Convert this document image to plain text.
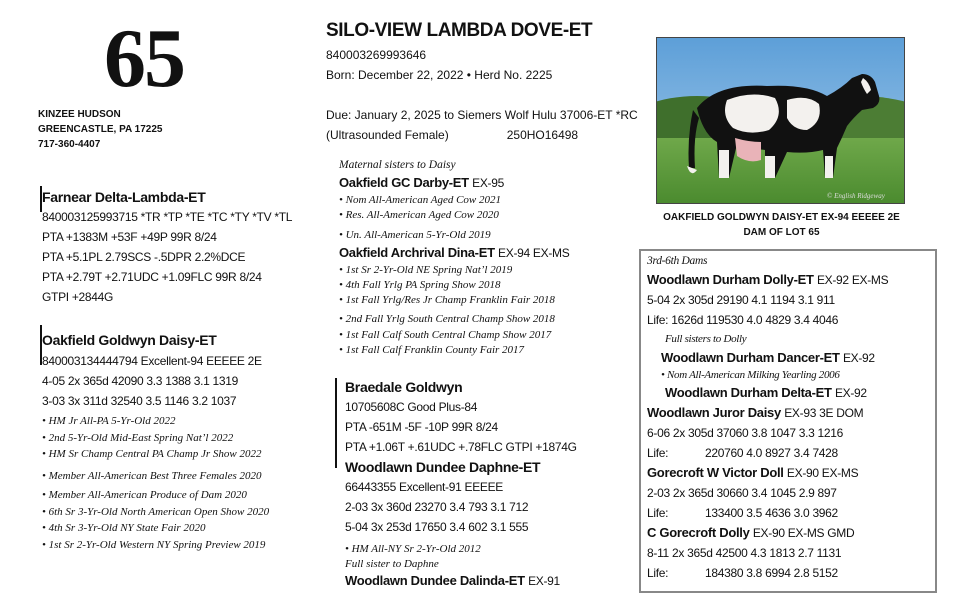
65
KINZEE HUDSON
GREENCASTLE, PA 17225
717-360-4407
SILO-VIEW LAMBDA DOVE-ET
840003269993646
Born: December 22, 2022 • Herd No. 2225
Due: January 2, 2025 to Siemers Wolf Hulu 37006-ET *RC
(Ultrasounded Female)	250HO16498
© English Ridgeway
OAKFIELD GOLDWYN DAISY-ET EX-94 EEEEE 2E
DAM OF LOT 65
Farnear Delta-Lambda-ET
840003125993715 *TR *TP *TE *TC *TY *TV *TL
PTA +1383M +53F +49P 99R 8/24
PTA +5.1PL 2.79SCS -.5DPR 2.2%DCE
PTA +2.79T +2.71UDC +1.09FLC 99R 8/24
GTPI +2844G
Oakfield Goldwyn Daisy-ET
840003134444794 Excellent-94 EEEEE 2E
4-05 2x 365d 42090 3.3 1388 3.1 1319
3-03 3x 311d 32540 3.5 1146 3.2 1037
• HM Jr All-PA 5-Yr-Old 2022
• 2nd 5-Yr-Old Mid-East Spring Nat’l 2022
• HM Sr Champ Central PA Champ Jr Show 2022
• Member All-American Best Three Females 2020
• Member All-American Produce of Dam 2020
• 6th Sr 3-Yr-Old North American Open Show 2020
• 4th Sr 3-Yr-Old NY State Fair 2020
• 1st Sr 2-Yr-Old Western NY Spring Preview 2019
Maternal sisters to Daisy
Oakfield GC Darby-ET EX-95
• Nom All-American Aged Cow 2021
• Res. All-American Aged Cow 2020
• Un. All-American 5-Yr-Old 2019
Oakfield Archrival Dina-ET EX-94 EX-MS
• 1st Sr 2-Yr-Old NE Spring Nat’l 2019
• 4th Fall Yrlg PA Spring Show 2018
• 1st Fall Yrlg/Res Jr Champ Franklin Fair 2018
• 2nd Fall Yrlg South Central Champ Show 2018
• 1st Fall Calf South Central Champ Show 2017
• 1st Fall Calf Franklin County Fair 2017
Braedale Goldwyn
10705608C Good Plus-84
PTA -651M -5F -10P 99R 8/24
PTA +1.06T +.61UDC +.78FLC GTPI +1874G
Woodlawn Dundee Daphne-ET
66443355 Excellent-91 EEEEE
2-03 3x 360d 23270 3.4 793 3.1 712
5-04 3x 253d 17650 3.4 602 3.1 555
• HM All-NY Sr 2-Yr-Old 2012
Full sister to Daphne
Woodlawn Dundee Dalinda-ET EX-91
3rd-6th Dams
Woodlawn Durham Dolly-ET EX-92 EX-MS
5-04 2x 305d 29190 4.1 1194 3.1 911
Life: 1626d 119530 4.0 4829 3.4 4046
Full sisters to Dolly
Woodlawn Durham Dancer-ET EX-92
• Nom All-American Milking Yearling 2006
Woodlawn Durham Delta-ET EX-92
Woodlawn Juror Daisy EX-93 3E DOM
6-06 2x 305d 37060 3.8 1047 3.3 1216
Life:	220760 4.0 8927 3.4 7428
Gorecroft W Victor Doll EX-90 EX-MS
2-03 2x 365d 30660 3.4 1045 2.9 897
Life:	133400 3.5 4636 3.0 3962
C Gorecroft Dolly EX-90 EX-MS GMD
8-11 2x 365d 42500 4.3 1813 2.7 1131
Life:	184380 3.8 6994 2.8 5152
